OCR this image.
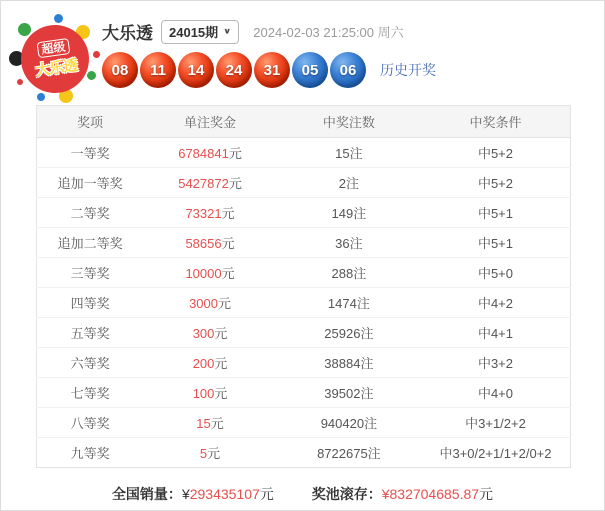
超级
大乐透
大乐透 24015期 ∨ 2024-02-03 21:25:00 周六
08	11	14	24	31	05	06	历史开奖
奖项	单注奖金	中奖注数	中奖条件
一等奖	6784841元	15注	中5+2
追加一等奖	5427872元	2注	中5+2
二等奖	73321元	149注	中5+1
追加二等奖	58656元	36注	中5+1
三等奖	10000元	288注	中5+0
四等奖	3000元	1474注	中4+2
五等奖	300元	25926注	中4+1
六等奖	200元	38884注	中3+2
七等奖	100元	39502注	中4+0
八等奖	15元	940420注	中3+1/2+2
九等奖	5元	8722675注	中3+0/2+1/1+2/0+2
全国销量：¥293435107元	奖池滚存：¥832704685.87元
